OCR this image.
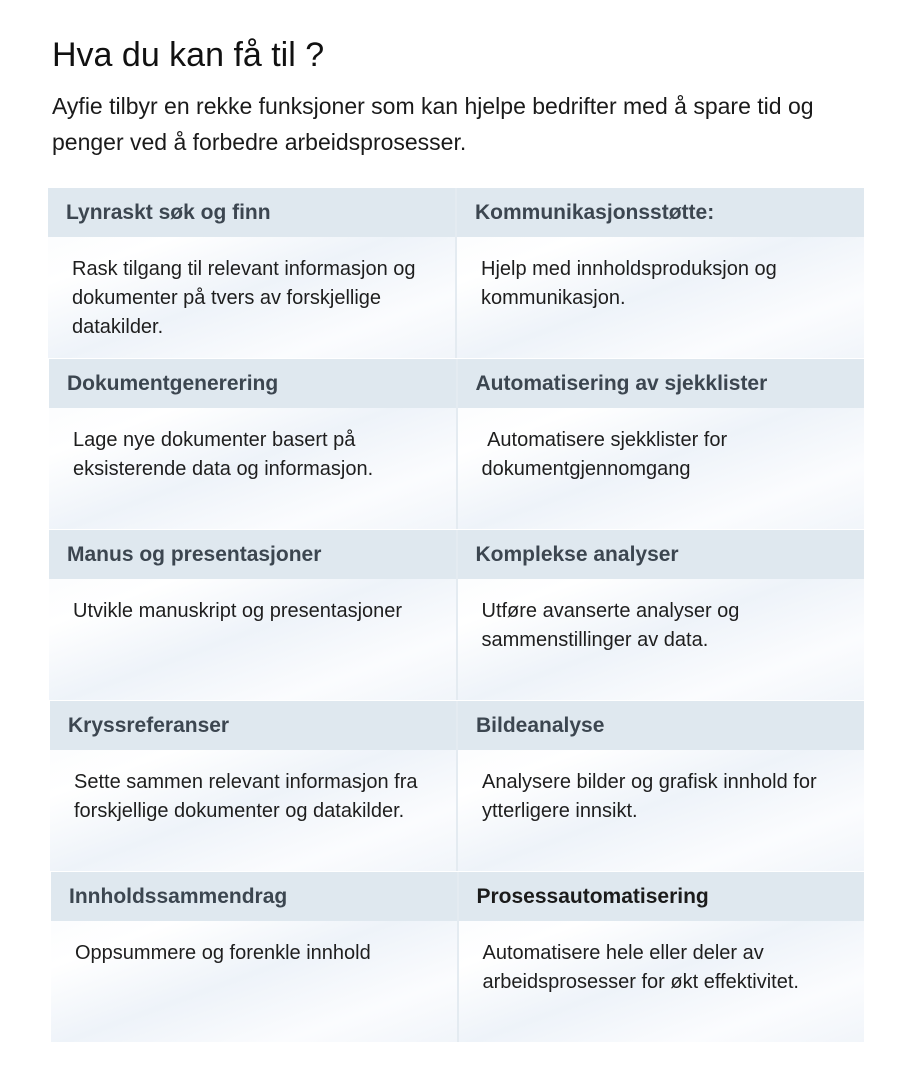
Hva du kan få til ?

Ayfie tilbyr en rekke funksjoner som kan hjelpe bedrifter med å spare tid og penger ved å forbedre arbeidsprosesser.

Lynraskt søk og finn
Rask tilgang til relevant informasjon og dokumenter på tvers av forskjellige datakilder.
Kommunikasjonsstøtte:
Hjelp med innholdsproduksjon og kommunikasjon.
Dokumentgenerering
Lage nye dokumenter basert på eksisterende data og informasjon.
Automatisering av sjekklister
Automatisere sjekklister for dokumentgjennomgang
Manus og presentasjoner
Utvikle manuskript og presentasjoner
Komplekse analyser
Utføre avanserte analyser og sammenstillinger av data.
Kryssreferanser
Sette sammen relevant informasjon fra forskjellige dokumenter og datakilder.
Bildeanalyse
Analysere bilder og grafisk innhold for ytterligere innsikt.
Innholdssammendrag
Oppsummere og forenkle innhold
Prosessautomatisering
Automatisere hele eller deler av arbeidsprosesser for økt effektivitet.
